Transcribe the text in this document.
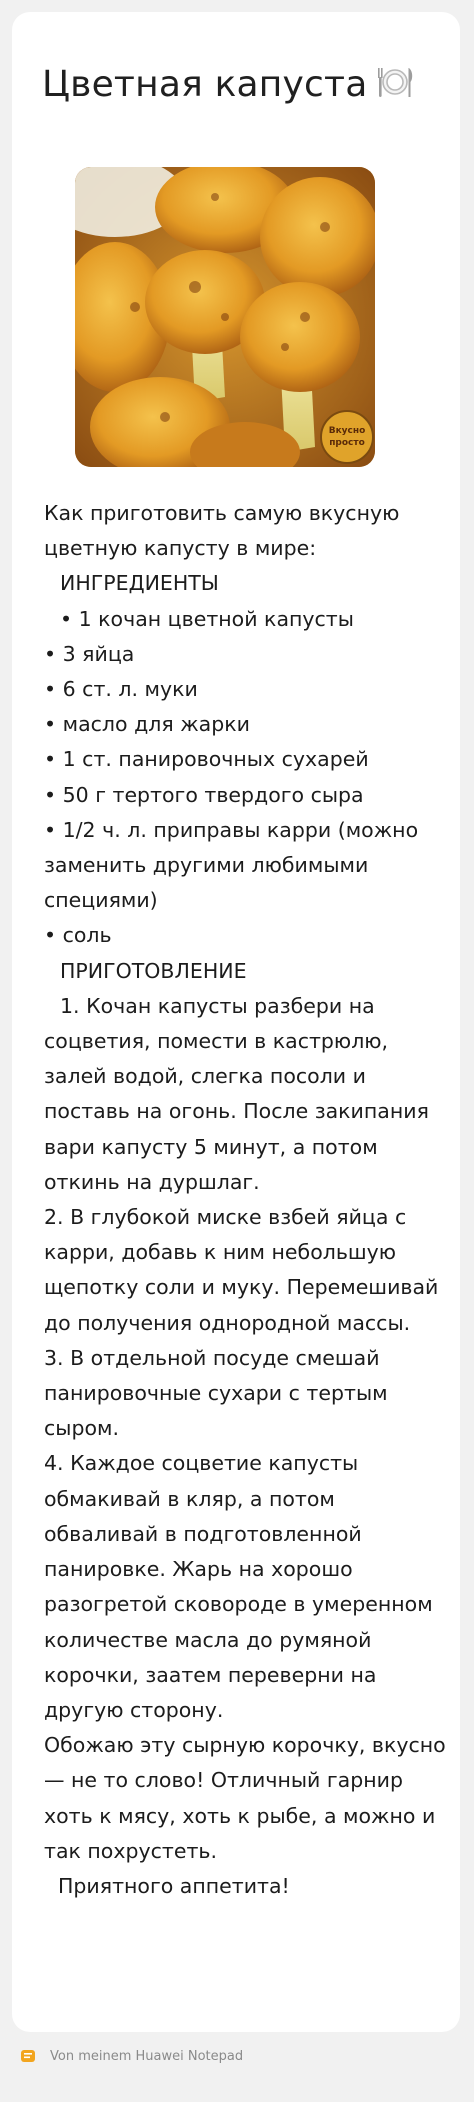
Цветная капуста
Вкусно
просто

Как приготовить самую вкусную

цветную капусту в мире:

ИНГРЕДИЕНТЫ

• 1 кочан цветной капусты

• 3 яйца

• 6 ст. л. муки

• масло для жарки

• 1 ст. панировочных сухарей

• 50 г тертого твердого сыра

• 1/2 ч. л. приправы карри (можно

заменить другими любимыми

специями)

• соль

ПРИГОТОВЛЕНИЕ

1. Кочан капусты разбери на

соцветия, помести в кастрюлю,

залей водой, слегка посоли и

поставь на огонь. После закипания

вари капусту 5 минут, а потом

откинь на дуршлаг.

2. В глубокой миске взбей яйца с

карри, добавь к ним небольшую

щепотку соли и муку. Перемешивай

до получения однородной массы.

3. В отдельной посуде смешай

панировочные сухари с тертым

сыром.

4. Каждое соцветие капусты

обмакивай в кляр, а потом

обваливай в подготовленной

панировке. Жарь на хорошо

разогретой сковороде в умеренном

количестве масла до румяной

корочки, заатем переверни на

другую сторону.

Обожаю эту сырную корочку, вкусно

— не то слово! Отличный гарнир

хоть к мясу, хоть к рыбе, а можно и

так похрустеть.

Приятного аппетита!

Von meinem Huawei Notepad
